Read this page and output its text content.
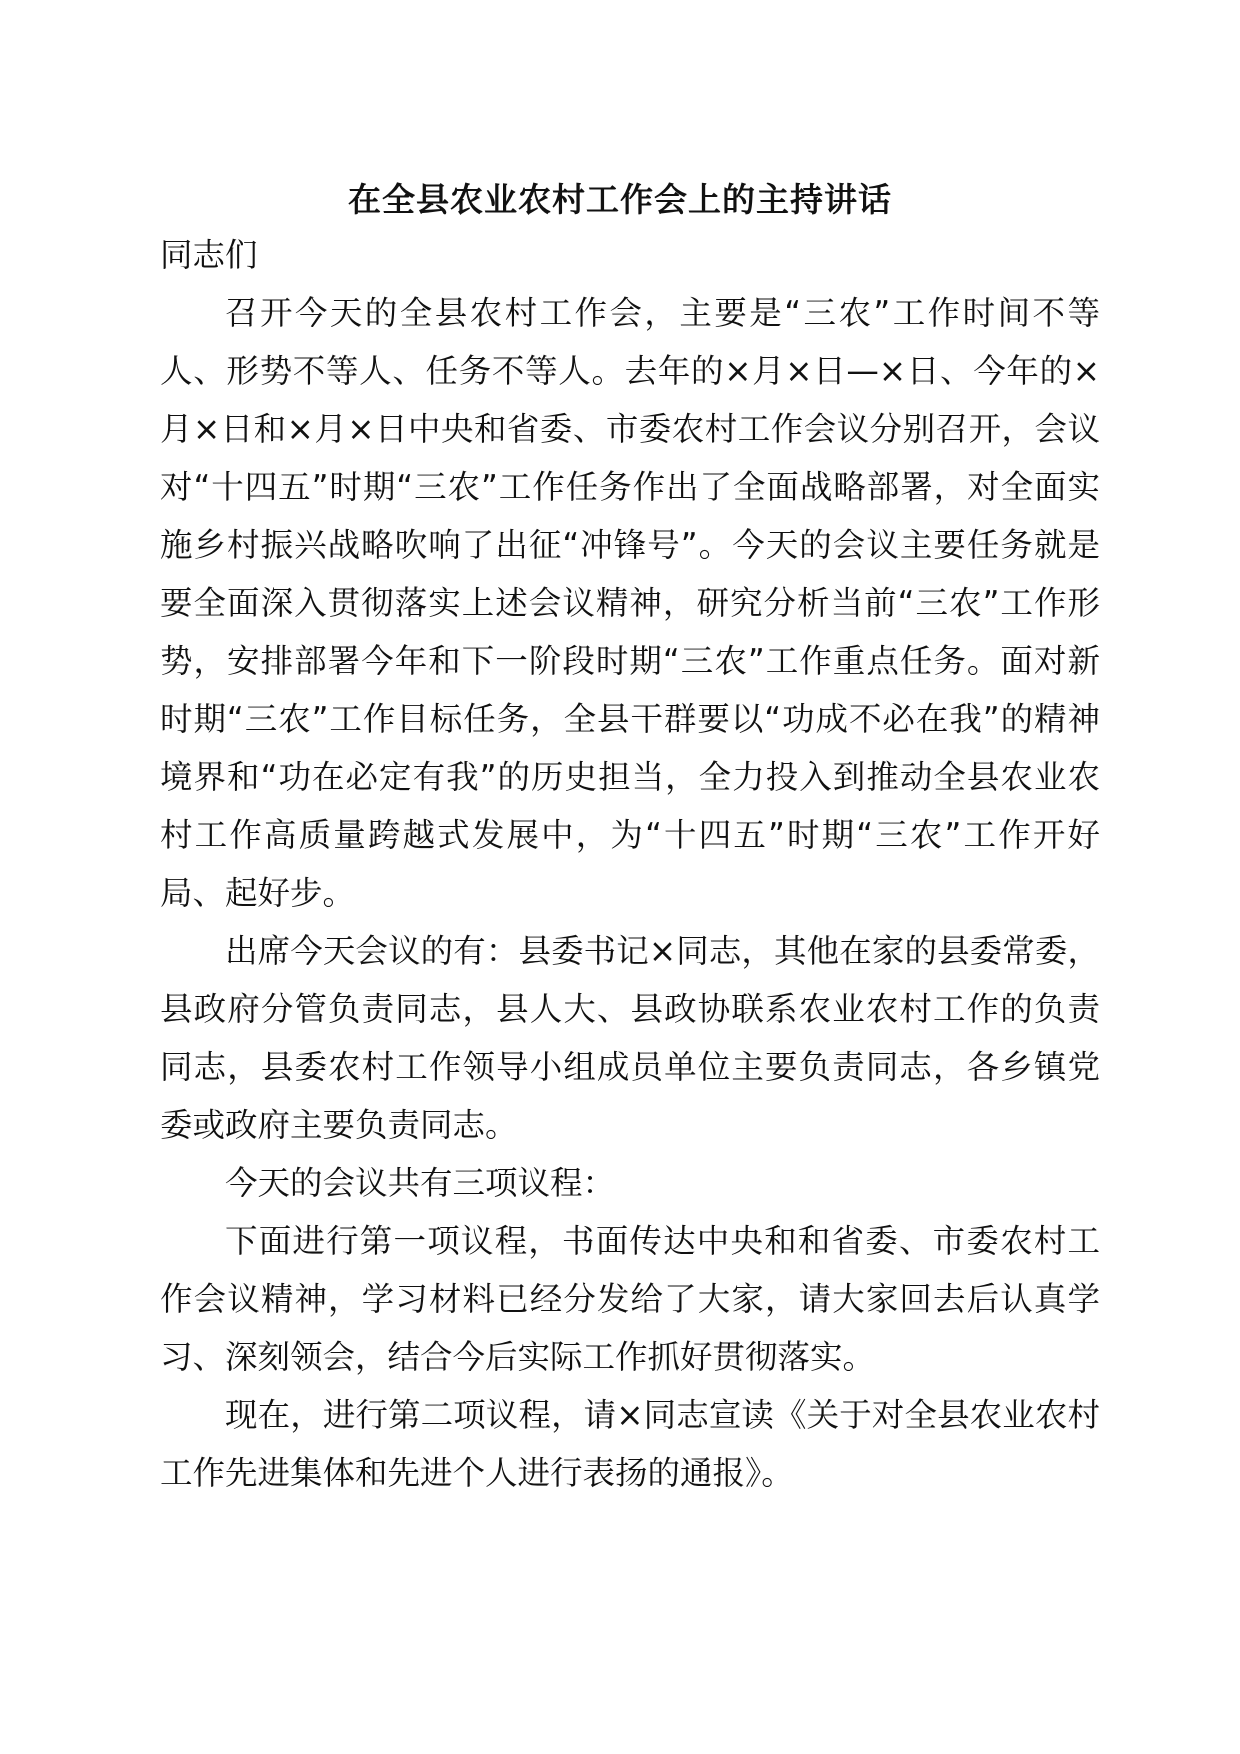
在全县农业农村工作会上的主持讲话

同志们

召开今天的全县农村工作会，主要是“三农”工作时间不等人、形势不等人、任务不等人。去年的×月×日—×日、今年的×月×日和×月×日中央和省委、市委农村工作会议分别召开，会议对“十四五”时期“三农”工作任务作出了全面战略部署，对全面实施乡村振兴战略吹响了出征“冲锋号”。今天的会议主要任务就是要全面深入贯彻落实上述会议精神，研究分析当前“三农”工作形势，安排部署今年和下一阶段时期“三农”工作重点任务。面对新时期“三农”工作目标任务，全县干群要以“功成不必在我”的精神境界和“功在必定有我”的历史担当，全力投入到推动全县农业农村工作高质量跨越式发展中，为“十四五”时期“三农”工作开好局、起好步。

出席今天会议的有：县委书记×同志，其他在家的县委常委，县政府分管负责同志，县人大、县政协联系农业农村工作的负责同志，县委农村工作领导小组成员单位主要负责同志，各乡镇党委或政府主要负责同志。

今天的会议共有三项议程：

下面进行第一项议程，书面传达中央和和省委、市委农村工作会议精神，学习材料已经分发给了大家，请大家回去后认真学习、深刻领会，结合今后实际工作抓好贯彻落实。

现在，进行第二项议程，请×同志宣读《关于对全县农业农村工作先进集体和先进个人进行表扬的通报》。
